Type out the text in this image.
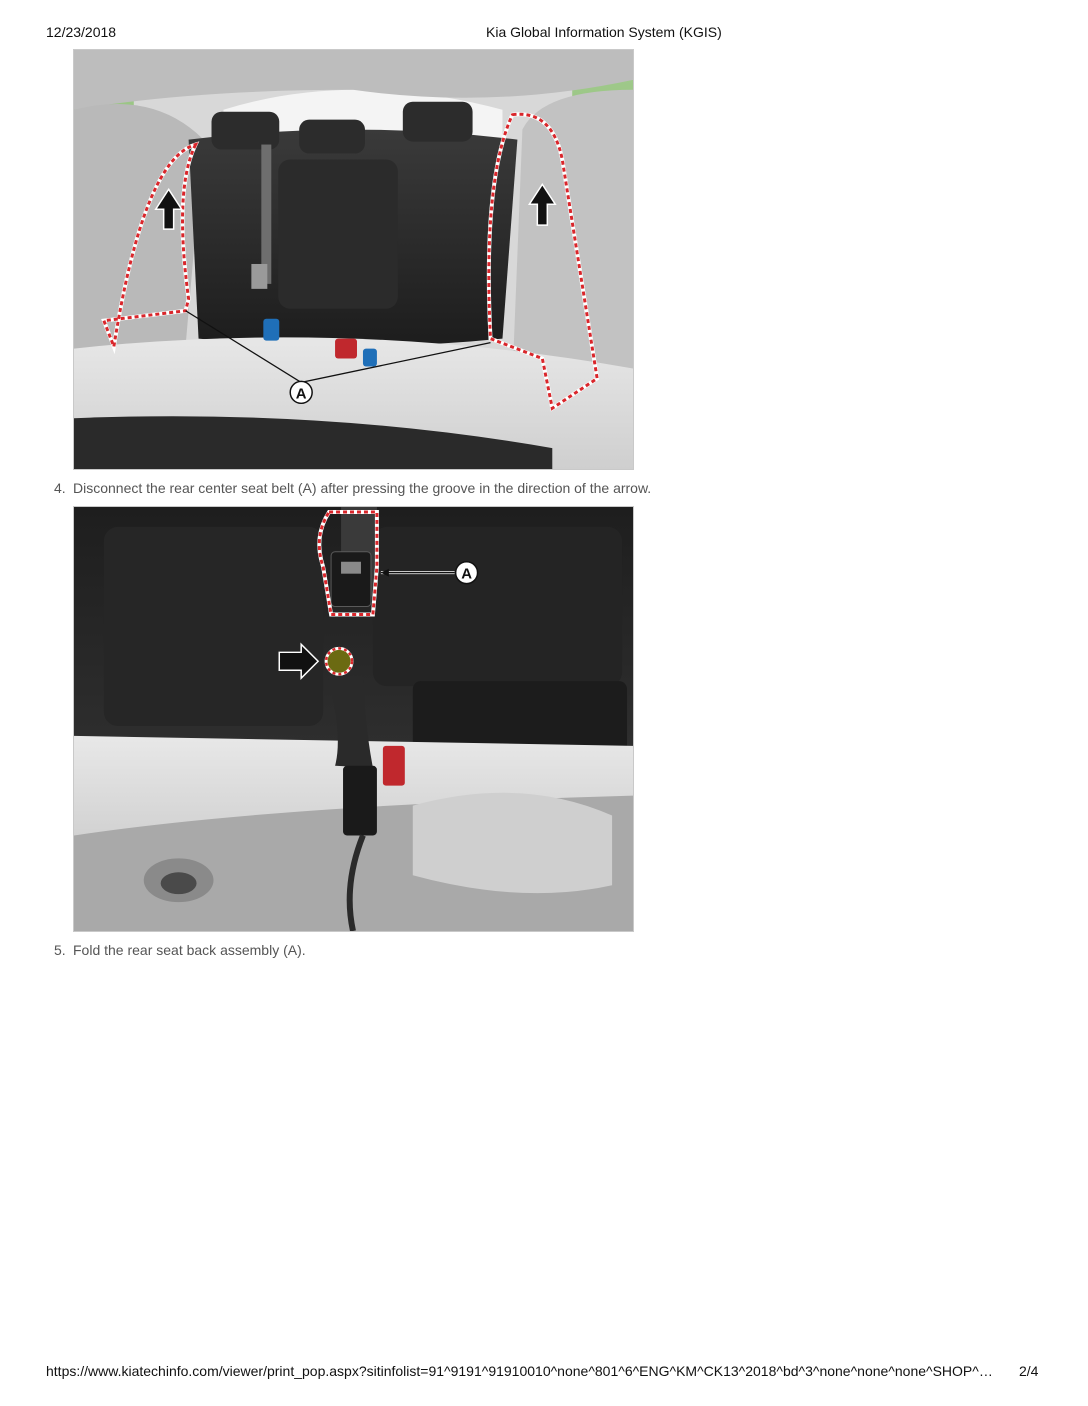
12/23/2018	Kia Global Information System (KGIS)
A
4. Disconnect the rear center seat belt (A) after pressing the groove in the direction of the arrow.
A
5. Fold the rear seat back assembly (A).
https://www.kiatechinfo.com/viewer/print_pop.aspx?sitinfolist=91^9191^91910010^none^801^6^ENG^KM^CK13^2018^bd^3^none^none^none^SHOP^…	2/4
